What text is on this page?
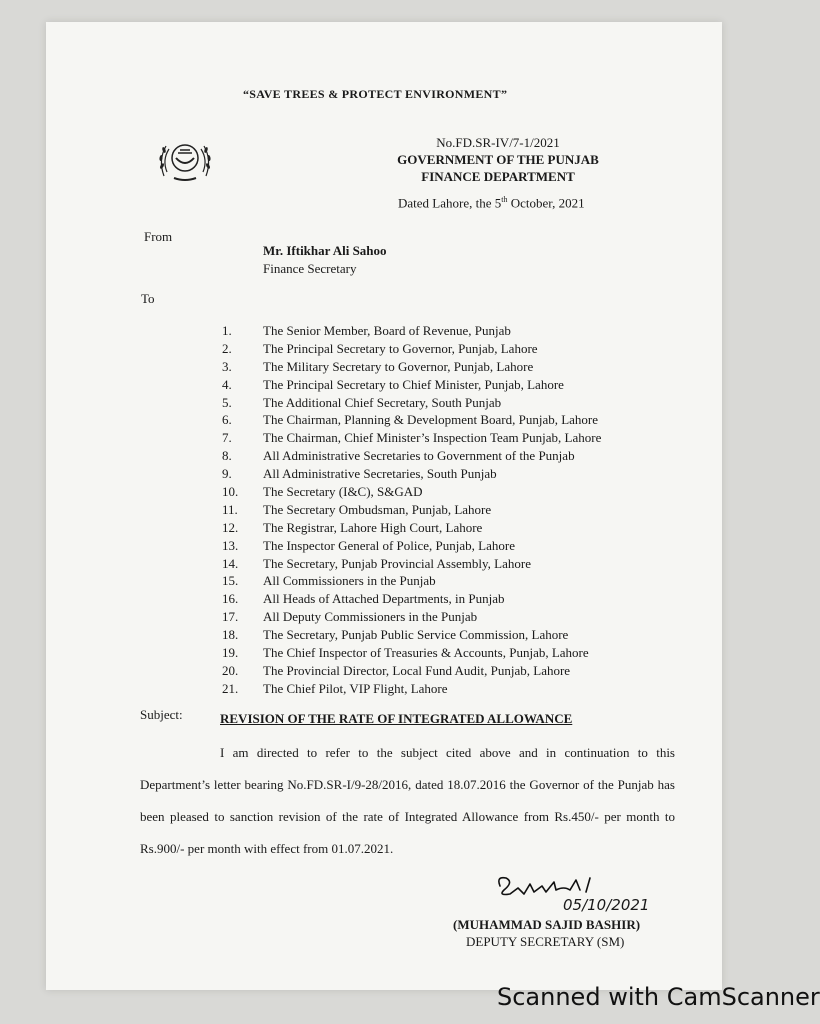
“SAVE TREES & PROTECT ENVIRONMENT”
No.FD.SR-IV/7-1/2021
GOVERNMENT OF THE PUNJAB
FINANCE DEPARTMENT
Dated Lahore, the 5th October, 2021
From
Mr. Iftikhar Ali Sahoo
Finance Secretary
To
1. The Senior Member, Board of Revenue, Punjab
2. The Principal Secretary to Governor, Punjab, Lahore
3. The Military Secretary to Governor, Punjab, Lahore
4. The Principal Secretary to Chief Minister, Punjab, Lahore
5. The Additional Chief Secretary, South Punjab
6. The Chairman, Planning & Development Board, Punjab, Lahore
7. The Chairman, Chief Minister’s Inspection Team Punjab, Lahore
8. All Administrative Secretaries to Government of the Punjab
9. All Administrative Secretaries, South Punjab
10. The Secretary (I&C), S&GAD
11. The Secretary Ombudsman, Punjab, Lahore
12. The Registrar, Lahore High Court, Lahore
13. The Inspector General of Police, Punjab, Lahore
14. The Secretary, Punjab Provincial Assembly, Lahore
15. All Commissioners in the Punjab
16. All Heads of Attached Departments, in Punjab
17. All Deputy Commissioners in the Punjab
18. The Secretary, Punjab Public Service Commission, Lahore
19. The Chief Inspector of Treasuries & Accounts, Punjab, Lahore
20. The Provincial Director, Local Fund Audit, Punjab, Lahore
21. The Chief Pilot, VIP Flight, Lahore
Subject:	REVISION OF THE RATE OF INTEGRATED ALLOWANCE
I am directed to refer to the subject cited above and in continuation to this Department’s letter bearing No.FD.SR-I/9-28/2016, dated 18.07.2016 the Governor of the Punjab has been pleased to sanction revision of the rate of Integrated Allowance from Rs.450/- per month to Rs.900/- per month with effect from 01.07.2021.
05/10/2021
(MUHAMMAD SAJID BASHIR)
DEPUTY SECRETARY (SM)
Scanned with CamScanner
